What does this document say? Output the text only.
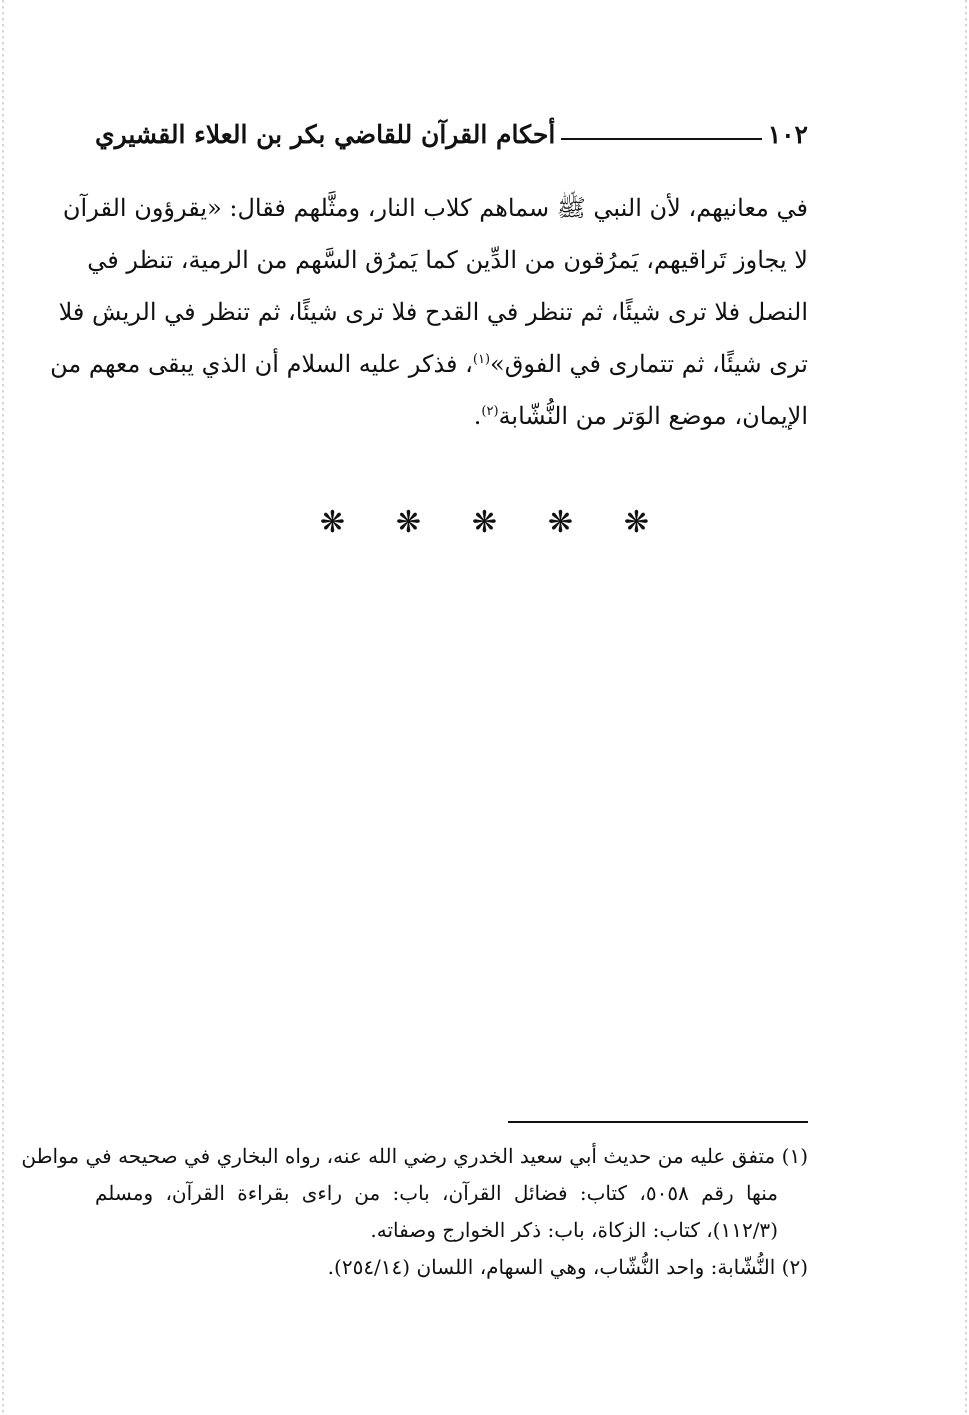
١٠٢
أحكام القرآن للقاضي بكر بن العلاء القشيري
في معانيهم، لأن النبي ﷺ سماهم كلاب النار، ومثَّلهم فقال: «يقرؤون القرآن
لا يجاوز تَراقيهم، يَمرُقون من الدِّين كما يَمرُق السَّهم من الرمية، تنظر في
النصل فلا ترى شيئًا، ثم تنظر في القدح فلا ترى شيئًا، ثم تنظر في الريش فلا
ترى شيئًا، ثم تتمارى في الفوق»$^{(١)}$، فذكر عليه السلام أن الذي يبقى معهم من
الإيمان، موضع الوَتر من النُّشّابة$^{(٢)}$.
❋
❋
❋
❋
❋
(١) متفق عليه من حديث أبي سعيد الخدري رضي الله عنه، رواه البخاري في صحيحه في مواطن
منها رقم ٥٠٥٨، كتاب: فضائل القرآن، باب: من راءى بقراءة القرآن، ومسلم
(١١٢/٣)، كتاب: الزكاة، باب: ذكر الخوارج وصفاته.
(٢) النُّشّابة: واحد النُّشّاب، وهي السهام، اللسان (٢٥٤/١٤).
